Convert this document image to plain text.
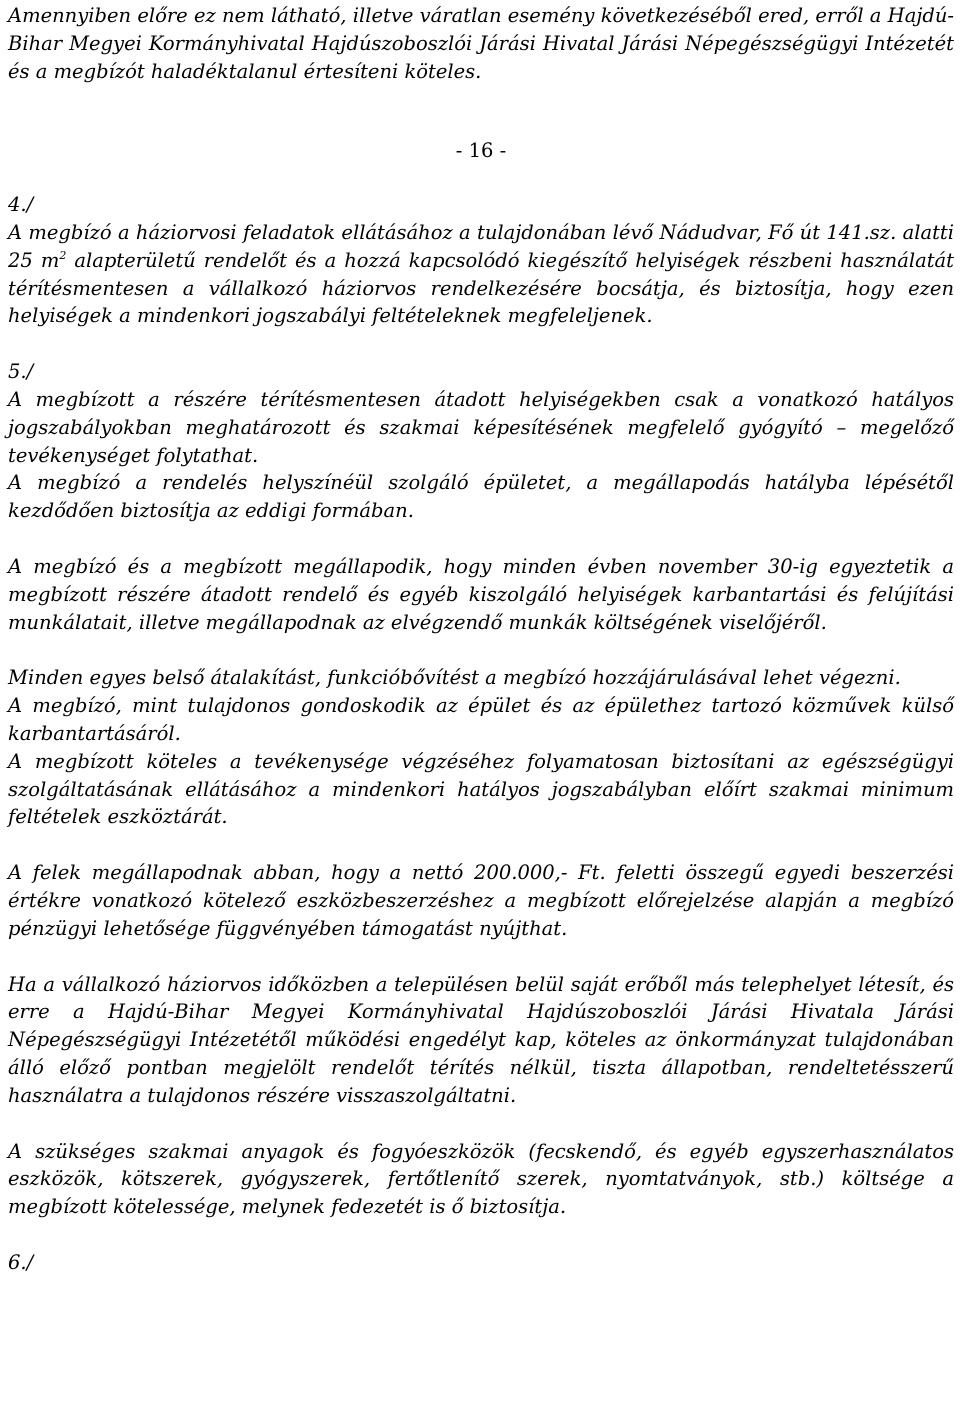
Amennyiben előre ez nem látható, illetve váratlan esemény következéséből ered, erről a Hajdú-Bihar Megyei Kormányhivatal Hajdúszoboszlói Járási Hivatal Járási Népegészségügyi Intézetét és a megbízót haladéktalanul értesíteni köteles.

- 16 -

4./

A megbízó a háziorvosi feladatok ellátásához a tulajdonában lévő Nádudvar, Fő út 141.sz. alatti 25 $m^2$ alapterületű rendelőt és a hozzá kapcsolódó kiegészítő helyiségek részbeni használatát térítésmentesen a vállalkozó háziorvos rendelkezésére bocsátja, és biztosítja, hogy ezen helyiségek a mindenkori jogszabályi feltételeknek megfeleljenek.

5./

A megbízott a részére térítésmentesen átadott helyiségekben csak a vonatkozó hatályos jogszabályokban meghatározott és szakmai képesítésének megfelelő gyógyító – megelőző tevékenységet folytathat.

A megbízó a rendelés helyszínéül szolgáló épületet, a megállapodás hatályba lépésétől kezdődően biztosítja az eddigi formában.

A megbízó és a megbízott megállapodik, hogy minden évben november 30-ig egyeztetik a megbízott részére átadott rendelő és egyéb kiszolgáló helyiségek karbantartási és felújítási munkálatait, illetve megállapodnak az elvégzendő munkák költségének viselőjéről.

Minden egyes belső átalakítást, funkcióbővítést a megbízó hozzájárulásával lehet végezni.

A megbízó, mint tulajdonos gondoskodik az épület és az épülethez tartozó közművek külső karbantartásáról.

A megbízott köteles a tevékenysége végzéséhez folyamatosan biztosítani az egészségügyi szolgáltatásának ellátásához a mindenkori hatályos jogszabályban előírt szakmai minimum feltételek eszköztárát.

A felek megállapodnak abban, hogy a nettó 200.000,- Ft. feletti összegű egyedi beszerzési értékre vonatkozó kötelező eszközbeszerzéshez a megbízott előrejelzése alapján a megbízó pénzügyi lehetősége függvényében támogatást nyújthat.

Ha a vállalkozó háziorvos időközben a településen belül saját erőből más telephelyet létesít, és erre a Hajdú-Bihar Megyei Kormányhivatal Hajdúszoboszlói Járási Hivatala Járási Népegészségügyi Intézetétől működési engedélyt kap, köteles az önkormányzat tulajdonában álló előző pontban megjelölt rendelőt térítés nélkül, tiszta állapotban, rendeltetésszerű használatra a tulajdonos részére visszaszolgáltatni.

A szükséges szakmai anyagok és fogyóeszközök (fecskendő, és egyéb egyszerhasználatos eszközök, kötszerek, gyógyszerek, fertőtlenítő szerek, nyomtatványok, stb.) költsége a megbízott kötelessége, melynek fedezetét is ő biztosítja.

6./
